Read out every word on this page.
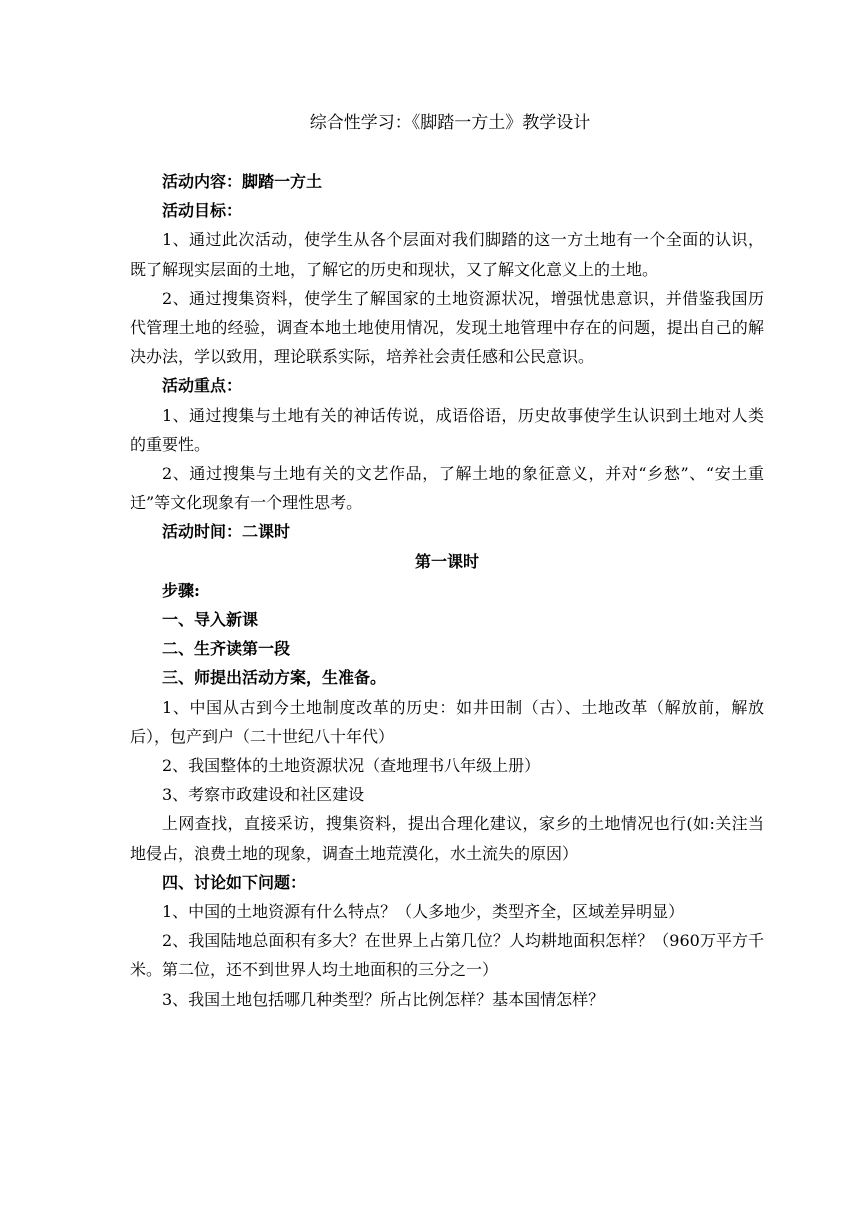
综合性学习：《脚踏一方土》教学设计

活动内容：脚踏一方土

活动目标：

1、通过此次活动，使学生从各个层面对我们脚踏的这一方土地有一个全面的认识，既了解现实层面的土地，了解它的历史和现状，又了解文化意义上的土地。

2、通过搜集资料，使学生了解国家的土地资源状况，增强忧患意识，并借鉴我国历代管理土地的经验，调查本地土地使用情况，发现土地管理中存在的问题，提出自己的解决办法，学以致用，理论联系实际，培养社会责任感和公民意识。

活动重点：

1、通过搜集与土地有关的神话传说，成语俗语，历史故事使学生认识到土地对人类的重要性。

2、通过搜集与土地有关的文艺作品，了解土地的象征意义，并对“乡愁”、“安土重迁”等文化现象有一个理性思考。

活动时间：二课时

第一课时

步骤:

一、导入新课

二、生齐读第一段

三、师提出活动方案，生准备。

1、中国从古到今土地制度改革的历史：如井田制（古）、土地改革（解放前，解放后），包产到户（二十世纪八十年代）

2、我国整体的土地资源状况（查地理书八年级上册）

3、考察市政建设和社区建设

上网查找，直接采访，搜集资料，提出合理化建议，家乡的土地情况也行(如:关注当地侵占，浪费土地的现象，调查土地荒漠化，水土流失的原因）

四、讨论如下问题：

1、中国的土地资源有什么特点？（人多地少，类型齐全，区域差异明显）

2、我国陆地总面积有多大？在世界上占第几位？人均耕地面积怎样？（960万平方千米。第二位，还不到世界人均土地面积的三分之一）

3、我国土地包括哪几种类型？所占比例怎样？基本国情怎样？
